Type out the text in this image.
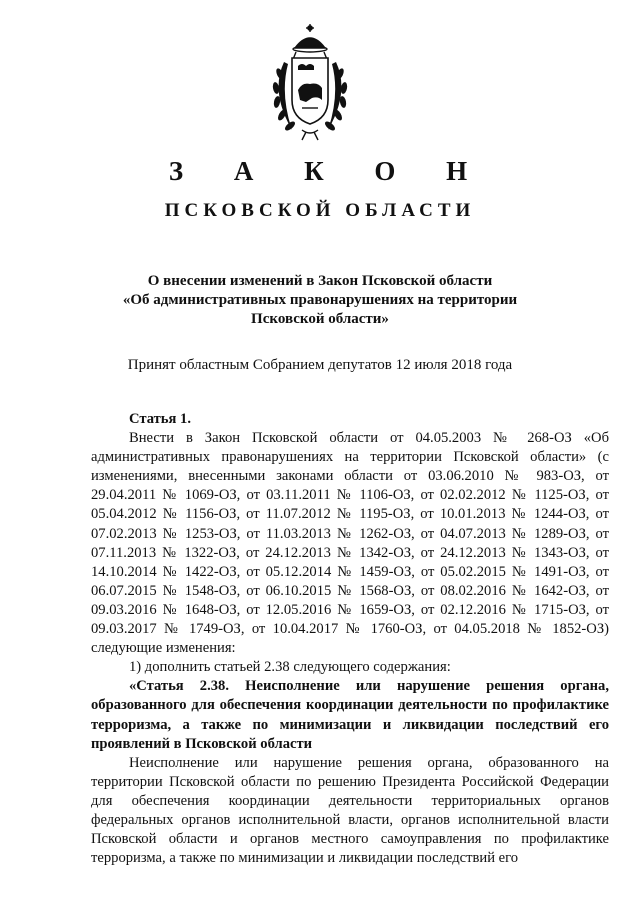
З А К О Н
ПСКОВСКОЙ ОБЛАСТИ
О внесении изменений в Закон Псковской области
«Об административных правонарушениях на территории
Псковской области»
Принят областным Собранием депутатов 12 июля 2018 года
Статья 1.
Внести в Закон Псковской области от 04.05.2003 № 268-ОЗ «Об административных правонарушениях на территории Псковской области» (с изменениями, внесенными законами области от 03.06.2010 № 983-ОЗ, от 29.04.2011 № 1069-ОЗ, от 03.11.2011 № 1106-ОЗ, от 02.02.2012 № 1125-ОЗ, от 05.04.2012 № 1156-ОЗ, от 11.07.2012 № 1195-ОЗ, от 10.01.2013 № 1244-ОЗ, от 07.02.2013 № 1253-ОЗ, от 11.03.2013 № 1262-ОЗ, от 04.07.2013 № 1289-ОЗ, от 07.11.2013 № 1322-ОЗ, от 24.12.2013 № 1342-ОЗ, от 24.12.2013 № 1343-ОЗ, от 14.10.2014 № 1422-ОЗ, от 05.12.2014 № 1459-ОЗ, от 05.02.2015 № 1491-ОЗ, от 06.07.2015 № 1548-ОЗ, от 06.10.2015 № 1568-ОЗ, от 08.02.2016 № 1642-ОЗ, от 09.03.2016 № 1648-ОЗ, от 12.05.2016 № 1659-ОЗ, от 02.12.2016 № 1715-ОЗ, от 09.03.2017 № 1749-ОЗ, от 10.04.2017 № 1760-ОЗ, от 04.05.2018 № 1852-ОЗ) следующие изменения:
1) дополнить статьей 2.38 следующего содержания:
«Статья 2.38. Неисполнение или нарушение решения органа, образованного для обеспечения координации деятельности по профилактике терроризма, а также по минимизации и ликвидации последствий его проявлений в Псковской области
Неисполнение или нарушение решения органа, образованного на территории Псковской области по решению Президента Российской Федерации для обеспечения координации деятельности территориальных органов федеральных органов исполнительной власти, органов исполнительной власти Псковской области и органов местного самоуправления по профилактике терроризма, а также по минимизации и ликвидации последствий его
